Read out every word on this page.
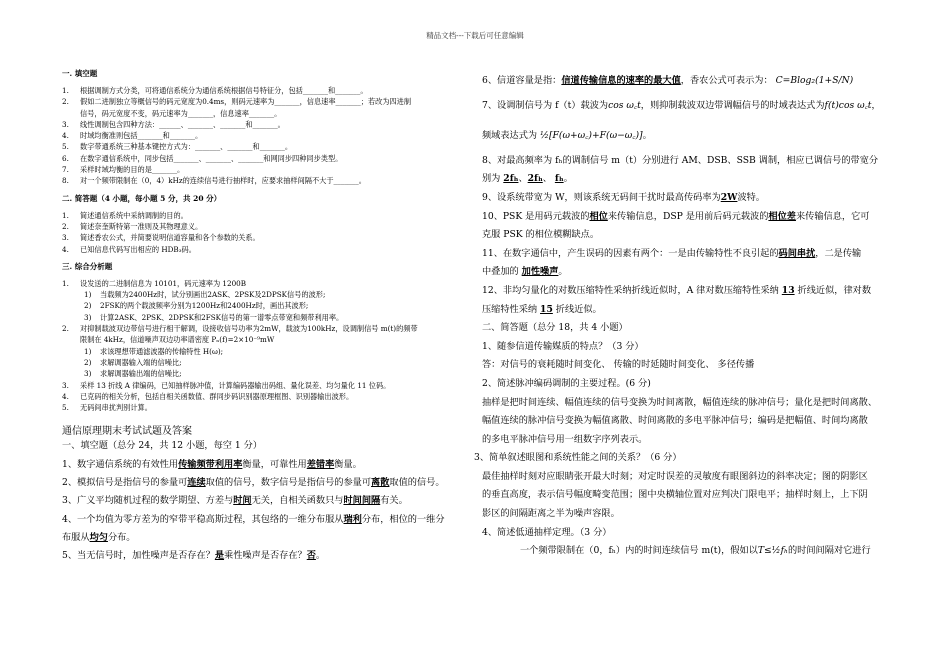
精品文档---下载后可任意编辑
一. 填空题
1. 根据调制方式分类，可将通信系统分为通信系统根据信号特征分，包括_______和_______。
2. 假如二进制独立等概信号的码元宽度为0.4ms，则码元速率为_______，信息速率_______；若改为四进制
信号，码元宽度不变，码元速率为_______，信息速率_______。
3. 线性调制包含四种方法：______、_______、_______和_______。
4. 时域均衡准则包括_______和_______。
5. 数字带通系统三种基本键控方式为：_______、_______和_______。
6. 在数字通信系统中，同步包括_______、_______、_______和网同步四种同步类型。
7. 采样时域均衡的目的是_______。
8. 对一个频带限制在（0，4）kHz的连续信号进行抽样时，应要求抽样间隔不大于_______。
二. 简答题（4 小题，每小题 5 分，共 20 分）
1. 简述通信系统中采纳调制的目的。
2. 简述奈奎斯特第一准则及其物理意义。
3. 简述香农公式，并简要说明信道容量和各个参数的关系。
4. 已知信息代码写出相应的 HDB₃码。
三. 综合分析题
1. 设发送的二进制信息为 10101，码元速率为 1200B
1) 当载频为2400Hz时，试分别画出2ASK、2PSK及2DPSK信号的波形;
2) 2FSK的两个载波频率分别为1200Hz和2400Hz时，画出其波形;
3) 计算2ASK、2PSK、2DPSK和2FSK信号的第一谱零点带宽和频带利用率。
2. 对抑制载波双边带信号进行相干解调，设接收信号功率为2mW，载波为100kHz，设调制信号 m(t)的频带
限制在 4kHz，信道噪声双边功率谱密度 Pₙ(f)=2×10⁻⁹mW
1) 求该理想带通滤波器的传输特性 H(ω);
2) 求解调器输入端的信噪比;
3) 求解调器输出端的信噪比;
3. 采样 13 折线 A 律编码，已知抽样脉冲值，计算编码器输出码组、量化误差、均匀量化 11 位码。
4. 已克码的相关分析，包括自相关函数值、群同步码识别器原理框图、识别器输出波形。
5. 无码间串扰判别计算。
通信原理期末考试试题及答案
一、填空题（总分 24，共 12 小题，每空 1 分）
1、数字通信系统的有效性用传输频带利用率衡量，可靠性用差错率衡量。
2、模拟信号是指信号的参量可连续取值的信号，数字信号是指信号的参量可离散取值的信号。
3、广义平均随机过程的数学期望、方差与时间无关，自相关函数只与时间间隔有关。
4、一个均值为零方差为的窄带平稳高斯过程，其包络的一维分布服从瑞利分布，相位的一维分
布服从均匀分布。
5、当无信号时，加性噪声是否存在？是乘性噪声是否存在？否。
6、信道容量是指：信道传输信息的速率的最大值，香农公式可表示为： C=Blog₂(1+S/N)
7、设调制信号为 f（t）载波为cos ω꜀t，则抑制载波双边带调幅信号的时域表达式为f(t)cos ω꜀t，
频域表达式为 ½[F(ω+ω꜀)+F(ω−ω꜀)]。
8、对最高频率为 fₕ的调制信号 m（t）分别进行 AM、DSB、SSB 调制，相应已调信号的带宽分
别为 2fₕ、2fₕ、 fₕ。
9、设系统带宽为 W，则该系统无码间干扰时最高传码率为2W波特。
10、PSK 是用码元载波的相位来传输信息，DSP 是用前后码元载波的相位差来传输信息，它可
克服 PSK 的相位模糊缺点。
11、在数字通信中，产生误码的因素有两个：一是由传输特性不良引起的码间串扰，二是传输
中叠加的 加性噪声。
12、非均匀量化的对数压缩特性采纳折线近似时，A 律对数压缩特性采纳 13 折线近似，律对数
压缩特性采纳 15 折线近似。
二、简答题（总分 18，共 4 小题）
1、随参信道传输媒质的特点？（3 分）
答：对信号的衰耗随时间变化、 传输的时延随时间变化、 多径传播
2、简述脉冲编码调制的主要过程。(6 分)
抽样是把时间连续、幅值连续的信号变换为时间离散，幅值连续的脉冲信号；量化是把时间离散、
幅值连续的脉冲信号变换为幅值离散、时间离散的多电平脉冲信号；编码是把幅值、时间均离散
的多电平脉冲信号用一组数字序列表示。
3、简单叙述眼图和系统性能之间的关系？（6 分）
最佳抽样时刻对应眼睛张开最大时刻；对定时误差的灵敏度有眼图斜边的斜率决定；图的阴影区
的垂直高度，表示信号幅度畸变范围；图中央横轴位置对应判决门限电平；抽样时刻上，上下阴
影区的间隔距离之半为噪声容限。
4、简述低通抽样定理。（3 分）
一个频带限制在（0，fₕ）内的时间连续信号 m(t)，假如以T≤½fₕ的时间间隔对它进行
